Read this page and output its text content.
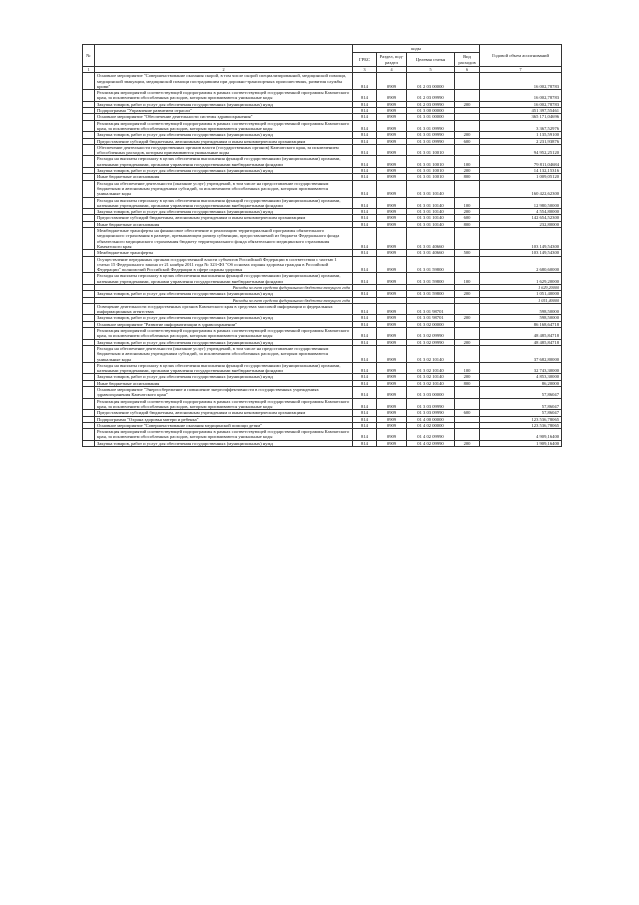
№		коды				Годовой объем ассигнований
		ГРБС	Раздел, под-раздел	Целевая статья	Вид расходов	
1	2	3	4	5	6	7
	Основное мероприятие "Совершенствование оказания скорой, в том числе скорой специализированной, медицинской помощи, медицинской эвакуации, медицинской помощи пострадавшим при дорожно-транспортных происшествиях, развития службы крови"	814	0909	01 2 03 00000		16 002,78783
	Реализация мероприятий соответствующей подпрограммы в рамках соответствующей государственной программы Камчатского края, за исключением обособленных расходов, которым присваиваются уникальные коды	814	0909	01 2 03 09990		16 002,78783
	Закупка товаров, работ и услуг для обеспечения государственных (муниципальных) нужд	814	0909	01 2 03 09990	200	16 002,78783
	Подпрограмма "Управление развитием отрасли"	814	0909	01 3 00 00000		451 397,55461
	Основное мероприятие "Обеспечение деятельности системы здравоохранения"	814	0909	01 3 01 00000		365 171,04696
	Реализация мероприятий соответствующей подпрограммы в рамках соответствующей государственной программы Камчатского края, за исключением обособленных расходов, которым присваиваются уникальные коды	814	0909	01 3 01 09990		3 367,52976
	Закупка товаров, работ и услуг для обеспечения государственных (муниципальных) нужд	814	0909	01 3 01 09990	200	1 135,59100
	Предоставление субсидий бюджетным, автономным учреждениям и иным некоммерческим организациям	814	0909	01 3 01 09990	600	2 231,93876
	Обеспечение деятельности государственных органов власти (государственных органов) Камчатского края, за исключением обособленных расходов, которым присваиваются уникальные коды	814	0909	01 3 01 10010		94 952,25120
	Расходы на выплаты персоналу в целях обеспечения выполнения функций государственными (муниципальными) органами, казенными учреждениями, органами управления государственными внебюджетными фондами	814	0909	01 3 01 10010	100	79 811,04684
	Закупка товаров, работ и услуг для обеспечения государственных (муниципальных) нужд	814	0909	01 3 01 10010	200	14 132,15316
	Иные бюджетные ассигнования	814	0909	01 3 01 10010	800	1 009,05120
	Расходы на обеспечение деятельности (оказание услуг) учреждений, в том числе на предоставление государственным бюджетным и автономным учреждениям субсидий, за исключением обособленных расходов, которым присваиваются уникальные коды	814	0909	01 3 01 10140		160 422,62300
	Расходы на выплаты персоналу в целях обеспечения выполнения функций государственными (муниципальными) органами, казенными учреждениями, органами управления государственными внебюджетными фондами	814	0909	01 3 01 10140	100	12 980,50000
	Закупка товаров, работ и услуг для обеспечения государственных (муниципальных) нужд	814	0909	01 3 01 10140	200	4 554,80000
	Предоставление субсидий бюджетным, автономным учреждениям и иным некоммерческим организациям	814	0909	01 3 01 10140	600	142 654,52300
	Иные бюджетные ассигнования	814	0909	01 3 01 10140	800	232,80000
	Межбюджетные трансферты на финансовое обеспечение и реализацию территориальной программы обязательного медицинского страхования в размере, превышающем размер субвенции, предоставляемой из бюджета Федерального фонда обязательного медицинского страхования бюджету территориального фонда обязательного медицинского страхования Камчатского края	814	0909	01 3 01 40660		103 149,54300
	Межбюджетные трансферты	814	0909	01 3 01 40660	500	103 149,54300
	Осуществление переданных органам государственной власти субъектов Российской Федерации в соответствии с частью 1 статьи 15 Федерального закона от 21 ноября 2011 года № 323-ФЗ "Об основах охраны здоровья граждан в Российской Федерации" полномочий Российской Федерации в сфере охраны здоровья	814	0909	01 3 01 59800		2 680,60000
	Расходы на выплаты персоналу в целях обеспечения выполнения функций государственными (муниципальными) органами, казенными учреждениями, органами управления государственными внебюджетными фондами	814	0909	01 3 01 59800	100	1 629,20000
	Расходы за счет средств федерального бюджета текущего года					1 629,20000
	Закупка товаров, работ и услуг для обеспечения государственных (муниципальных) нужд	814	0909	01 3 01 59800	200	1 051,40000
	Расходы за счет средств федерального бюджета текущего года					1 051,40000
	Освещение деятельности государственных органов Камчатского края в средствах массовой информации и федеральных информационных агентствах	814	0909	01 3 01 98701		598,50000
	Закупка товаров, работ и услуг для обеспечения государственных (муниципальных) нужд	814	0909	01 3 01 98701	200	598,50000
	Основное мероприятие "Развитие информатизации в здравоохранении"	814	0909	01 3 02 00000		86 168,64718
	Реализация мероприятий соответствующей подпрограммы в рамках соответствующей государственной программы Камчатского края, за исключением обособленных расходов, которым присваиваются уникальные коды	814	0909	01 3 02 09990		48 485,84718
	Закупка товаров, работ и услуг для обеспечения государственных (муниципальных) нужд	814	0909	01 3 02 09990	200	48 485,84718
	Расходы на обеспечение деятельности (оказание услуг) учреждений, в том числе на предоставление государственным бюджетным и автономным учреждениям субсидий, за исключением обособленных расходов, которым присваиваются уникальные коды	814	0909	01 3 02 10140		37 682,80000
	Расходы на выплаты персоналу в целях обеспечения выполнения функций государственными (муниципальными) органами, казенными учреждениями, органами управления государственными внебюджетными фондами	814	0909	01 3 02 10140	100	32 743,30000
	Закупка товаров, работ и услуг для обеспечения государственных (муниципальных) нужд	814	0909	01 3 02 10140	200	4 853,30000
	Иные бюджетные ассигнования	814	0909	01 3 02 10140	800	86,20000
	Основное мероприятие "Энергосбережение и повышение энергоэффективности в государственных учреждениях здравоохранения Камчатского края"	814	0909	01 3 03 00000		57,86047
	Реализация мероприятий соответствующей подпрограммы в рамках соответствующей государственной программы Камчатского края, за исключением обособленных расходов, которым присваиваются уникальные коды	814	0909	01 3 03 09990		57,86047
	Предоставление субсидий бюджетным, автономным учреждениям и иным некоммерческим организациям	814	0909	01 3 03 09990	600	57,86047
	Подпрограмма "Охрана здоровья матери и ребенка"	814	0909	01 4 00 00000		123 536,78065
	Основное мероприятие "Совершенствование оказания медицинской помощи детям"	814	0909	01 4 02 00000		123 536,78065
	Реализация мероприятий соответствующей подпрограммы в рамках соответствующей государственной программы Камчатского края, за исключением обособленных расходов, которым присваиваются уникальные коды	814	0909	01 4 02 09990		4 909,16400
	Закупка товаров, работ и услуг для обеспечения государственных (муниципальных) нужд	814	0909	01 4 02 09990	200	1 909,16400
